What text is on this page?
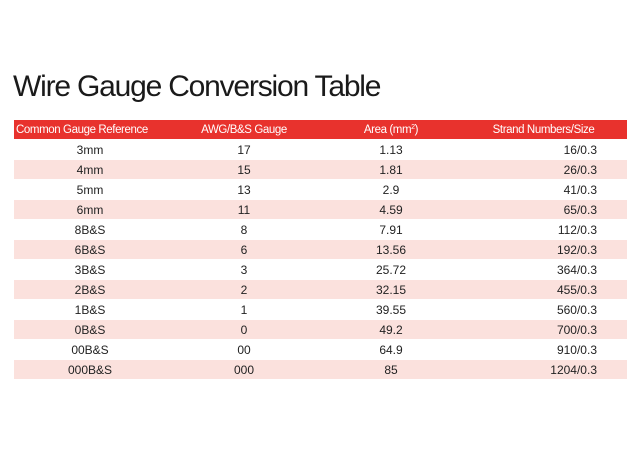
Wire Gauge Conversion Table
Common Gauge Reference	AWG/B&S Gauge	Area $(mm^2)$	Strand Numbers/Size
3mm	17	1.13	16/0.3
4mm	15	1.81	26/0.3
5mm	13	2.9	41/0.3
6mm	11	4.59	65/0.3
8B&S	8	7.91	112/0.3
6B&S	6	13.56	192/0.3
3B&S	3	25.72	364/0.3
2B&S	2	32.15	455/0.3
1B&S	1	39.55	560/0.3
0B&S	0	49.2	700/0.3
00B&S	00	64.9	910/0.3
000B&S	000	85	1204/0.3
